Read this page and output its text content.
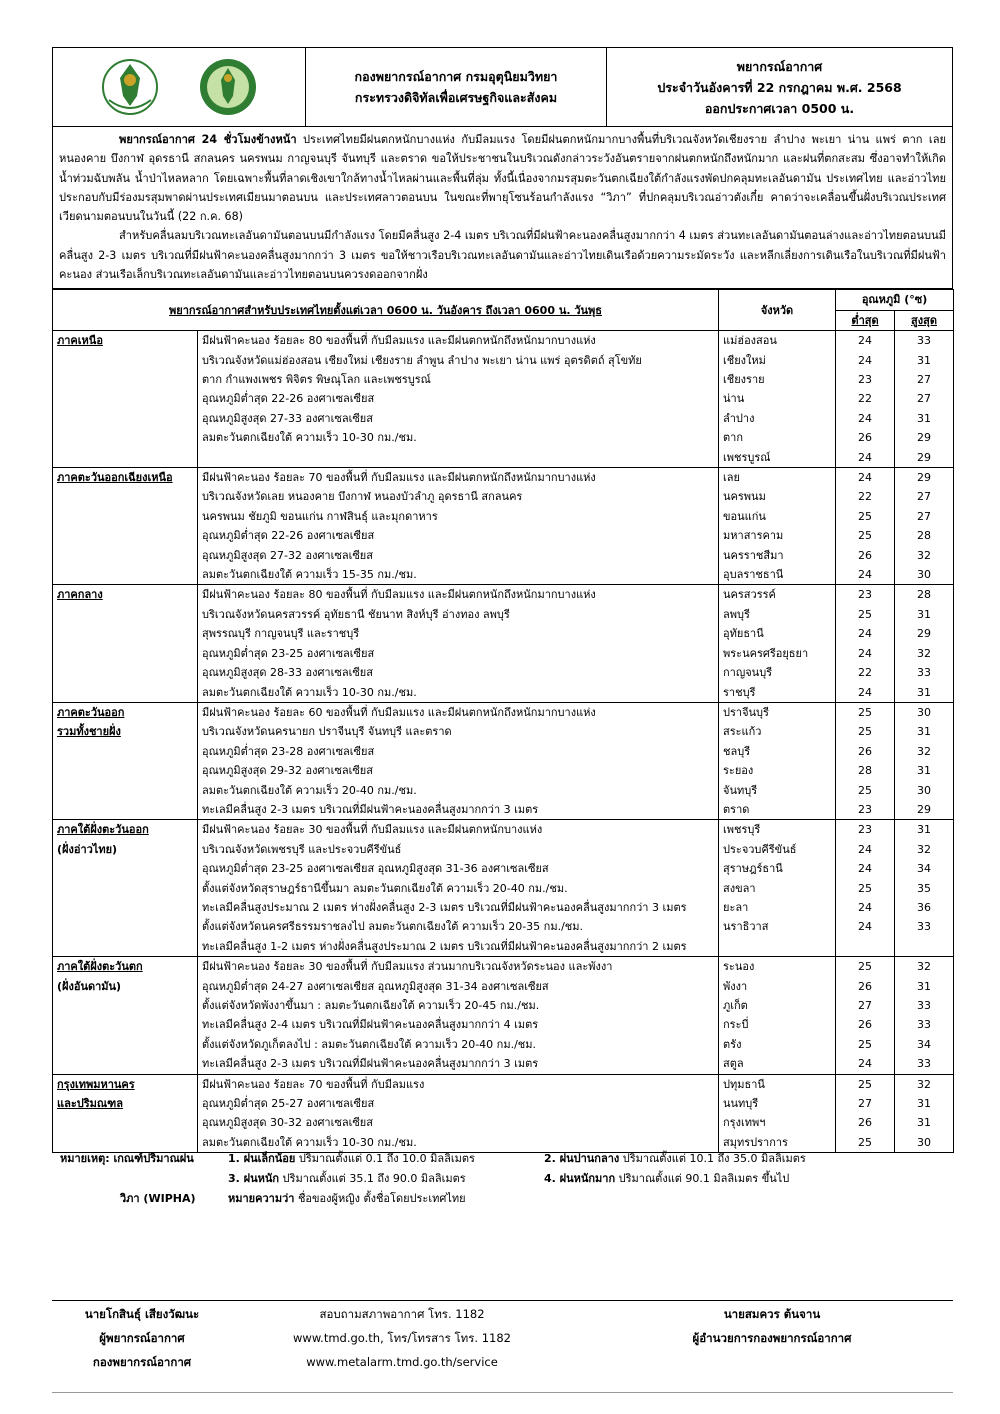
กองพยากรณ์อากาศ กรมอุตุนิยมวิทยา
กระทรวงดิจิทัลเพื่อเศรษฐกิจและสังคม
พยากรณ์อากาศ
ประจำวันอังคารที่ 22 กรกฎาคม พ.ศ. 2568
ออกประกาศเวลา 0500 น.

พยากรณ์อากาศ 24 ชั่วโมงข้างหน้า ประเทศไทยมีฝนตกหนักบางแห่ง กับมีลมแรง โดยมีฝนตกหนักมากบางพื้นที่บริเวณจังหวัดเชียงราย ลำปาง พะเยา น่าน แพร่ ตาก เลย หนองคาย บึงกาฬ อุดรธานี สกลนคร นครพนม กาญจนบุรี จันทบุรี และตราด ขอให้ประชาชนในบริเวณดังกล่าวระวังอันตรายจากฝนตกหนักถึงหนักมาก และฝนที่ตกสะสม ซึ่งอาจทำให้เกิดน้ำท่วมฉับพลัน น้ำป่าไหลหลาก โดยเฉพาะพื้นที่ลาดเชิงเขาใกล้ทางน้ำไหลผ่านและพื้นที่ลุ่ม ทั้งนี้เนื่องจากมรสุมตะวันตกเฉียงใต้กำลังแรงพัดปกคลุมทะเลอันดามัน ประเทศไทย และอ่าวไทย ประกอบกับมีร่องมรสุมพาดผ่านประเทศเมียนมาตอนบน และประเทศลาวตอนบน ในขณะที่พายุโซนร้อนกำลังแรง “วิภา” ที่ปกคลุมบริเวณอ่าวตังเกี๋ย คาดว่าจะเคลื่อนขึ้นฝั่งบริเวณประเทศเวียดนามตอนบนในวันนี้ (22 ก.ค. 68)

สำหรับคลื่นลมบริเวณทะเลอันดามันตอนบนมีกำลังแรง โดยมีคลื่นสูง 2-4 เมตร บริเวณที่มีฝนฟ้าคะนองคลื่นสูงมากกว่า 4 เมตร ส่วนทะเลอันดามันตอนล่างและอ่าวไทยตอนบนมีคลื่นสูง 2-3 เมตร บริเวณที่มีฝนฟ้าคะนองคลื่นสูงมากกว่า 3 เมตร ขอให้ชาวเรือบริเวณทะเลอันดามันและอ่าวไทยเดินเรือด้วยความระมัดระวัง และหลีกเลี่ยงการเดินเรือในบริเวณที่มีฝนฟ้าคะนอง ส่วนเรือเล็กบริเวณทะเลอันดามันและอ่าวไทยตอนบนควรงดออกจากฝั่ง

พยากรณ์อากาศสำหรับประเทศไทยตั้งแต่เวลา 0600 น. วันอังคาร ถึงเวลา 0600 น. วันพุธ		จังหวัด	อุณหภูมิ (°ซ)	
			ต่ำสุด	สูงสุด
ภาคเหนือ	มีฝนฟ้าคะนอง ร้อยละ 80 ของพื้นที่ กับมีลมแรง และมีฝนตกหนักถึงหนักมากบางแห่ง	แม่ฮ่องสอน	24	33
	บริเวณจังหวัดแม่ฮ่องสอน เชียงใหม่ เชียงราย ลำพูน ลำปาง พะเยา น่าน แพร่ อุตรดิตถ์ สุโขทัย	เชียงใหม่	24	31
	ตาก กำแพงเพชร พิจิตร พิษณุโลก และเพชรบูรณ์	เชียงราย	23	27
	อุณหภูมิต่ำสุด 22-26 องศาเซลเซียส	น่าน	22	27
	อุณหภูมิสูงสุด 27-33 องศาเซลเซียส	ลำปาง	24	31
	ลมตะวันตกเฉียงใต้ ความเร็ว 10-30 กม./ชม.	ตาก	26	29
		เพชรบูรณ์	24	29
ภาคตะวันออกเฉียงเหนือ	มีฝนฟ้าคะนอง ร้อยละ 70 ของพื้นที่ กับมีลมแรง และมีฝนตกหนักถึงหนักมากบางแห่ง	เลย	24	29
	บริเวณจังหวัดเลย หนองคาย บึงกาฬ หนองบัวลำภู อุดรธานี สกลนคร	นครพนม	22	27
	นครพนม ชัยภูมิ ขอนแก่น กาฬสินธุ์ และมุกดาหาร	ขอนแก่น	25	27
	อุณหภูมิต่ำสุด 22-26 องศาเซลเซียส	มหาสารคาม	25	28
	อุณหภูมิสูงสุด 27-32 องศาเซลเซียส	นครราชสีมา	26	32
	ลมตะวันตกเฉียงใต้ ความเร็ว 15-35 กม./ชม.	อุบลราชธานี	24	30
ภาคกลาง	มีฝนฟ้าคะนอง ร้อยละ 80 ของพื้นที่ กับมีลมแรง และมีฝนตกหนักถึงหนักมากบางแห่ง	นครสวรรค์	23	28
	บริเวณจังหวัดนครสวรรค์ อุทัยธานี ชัยนาท สิงห์บุรี อ่างทอง ลพบุรี	ลพบุรี	25	31
	สุพรรณบุรี กาญจนบุรี และราชบุรี	อุทัยธานี	24	29
	อุณหภูมิต่ำสุด 23-25 องศาเซลเซียส	พระนครศรีอยุธยา	24	32
	อุณหภูมิสูงสุด 28-33 องศาเซลเซียส	กาญจนบุรี	22	33
	ลมตะวันตกเฉียงใต้ ความเร็ว 10-30 กม./ชม.	ราชบุรี	24	31
ภาคตะวันออก	มีฝนฟ้าคะนอง ร้อยละ 60 ของพื้นที่ กับมีลมแรง และมีฝนตกหนักถึงหนักมากบางแห่ง	ปราจีนบุรี	25	30
รวมทั้งชายฝั่ง	บริเวณจังหวัดนครนายก ปราจีนบุรี จันทบุรี และตราด	สระแก้ว	25	31
	อุณหภูมิต่ำสุด 23-28 องศาเซลเซียส	ชลบุรี	26	32
	อุณหภูมิสูงสุด 29-32 องศาเซลเซียส	ระยอง	28	31
	ลมตะวันตกเฉียงใต้ ความเร็ว 20-40 กม./ชม.	จันทบุรี	25	30
	ทะเลมีคลื่นสูง 2-3 เมตร บริเวณที่มีฝนฟ้าคะนองคลื่นสูงมากกว่า 3 เมตร	ตราด	23	29
ภาคใต้ฝั่งตะวันออก	มีฝนฟ้าคะนอง ร้อยละ 30 ของพื้นที่ กับมีลมแรง และมีฝนตกหนักบางแห่ง	เพชรบุรี	23	31
(ฝั่งอ่าวไทย)	บริเวณจังหวัดเพชรบุรี และประจวบคีรีขันธ์	ประจวบคีรีขันธ์	24	32
	อุณหภูมิต่ำสุด 23-25 องศาเซลเซียส อุณหภูมิสูงสุด 31-36 องศาเซลเซียส	สุราษฎร์ธานี	24	34
	ตั้งแต่จังหวัดสุราษฎร์ธานีขึ้นมา ลมตะวันตกเฉียงใต้ ความเร็ว 20-40 กม./ชม.	สงขลา	25	35
	ทะเลมีคลื่นสูงประมาณ 2 เมตร ห่างฝั่งคลื่นสูง 2-3 เมตร บริเวณที่มีฝนฟ้าคะนองคลื่นสูงมากกว่า 3 เมตร	ยะลา	24	36
	ตั้งแต่จังหวัดนครศรีธรรมราชลงไป ลมตะวันตกเฉียงใต้ ความเร็ว 20-35 กม./ชม.	นราธิวาส	24	33
	ทะเลมีคลื่นสูง 1-2 เมตร ห่างฝั่งคลื่นสูงประมาณ 2 เมตร บริเวณที่มีฝนฟ้าคะนองคลื่นสูงมากกว่า 2 เมตร			
ภาคใต้ฝั่งตะวันตก	มีฝนฟ้าคะนอง ร้อยละ 30 ของพื้นที่ กับมีลมแรง ส่วนมากบริเวณจังหวัดระนอง และพังงา	ระนอง	25	32
(ฝั่งอันดามัน)	อุณหภูมิต่ำสุด 24-27 องศาเซลเซียส อุณหภูมิสูงสุด 31-34 องศาเซลเซียส	พังงา	26	31
	ตั้งแต่จังหวัดพังงาขึ้นมา : ลมตะวันตกเฉียงใต้ ความเร็ว 20-45 กม./ชม.	ภูเก็ต	27	33
	ทะเลมีคลื่นสูง 2-4 เมตร บริเวณที่มีฝนฟ้าคะนองคลื่นสูงมากกว่า 4 เมตร	กระบี่	26	33
	ตั้งแต่จังหวัดภูเก็ตลงไป : ลมตะวันตกเฉียงใต้ ความเร็ว 20-40 กม./ชม.	ตรัง	25	34
	ทะเลมีคลื่นสูง 2-3 เมตร บริเวณที่มีฝนฟ้าคะนองคลื่นสูงมากกว่า 3 เมตร	สตูล	24	33
กรุงเทพมหานคร	มีฝนฟ้าคะนอง ร้อยละ 70 ของพื้นที่ กับมีลมแรง	ปทุมธานี	25	32
และปริมณฑล	อุณหภูมิต่ำสุด 25-27 องศาเซลเซียส	นนทบุรี	27	31
	อุณหภูมิสูงสุด 30-32 องศาเซลเซียส	กรุงเทพฯ	26	31
	ลมตะวันตกเฉียงใต้ ความเร็ว 10-30 กม./ชม.	สมุทรปราการ	25	30
หมายเหตุ: เกณฑ์ปริมาณฝน	1. ฝนเล็กน้อย ปริมาณตั้งแต่ 0.1 ถึง 10.0 มิลลิเมตร	2. ฝนปานกลาง ปริมาณตั้งแต่ 10.1 ถึง 35.0 มิลลิเมตร
3. ฝนหนัก ปริมาณตั้งแต่ 35.1 ถึง 90.0 มิลลิเมตร	4. ฝนหนักมาก ปริมาณตั้งแต่ 90.1 มิลลิเมตร ขึ้นไป
วิภา (WIPHA)	หมายความว่า ชื่อของผู้หญิง ตั้งชื่อโดยประเทศไทย
นายโกสินธุ์ เสียงวัฒนะ
ผู้พยากรณ์อากาศ
กองพยากรณ์อากาศ
สอบถามสภาพอากาศ โทร. 1182
www.tmd.go.th, โทร/โทรสาร โทร. 1182
www.metalarm.tmd.go.th/service
นายสมควร ต้นจาน
ผู้อำนวยการกองพยากรณ์อากาศ
